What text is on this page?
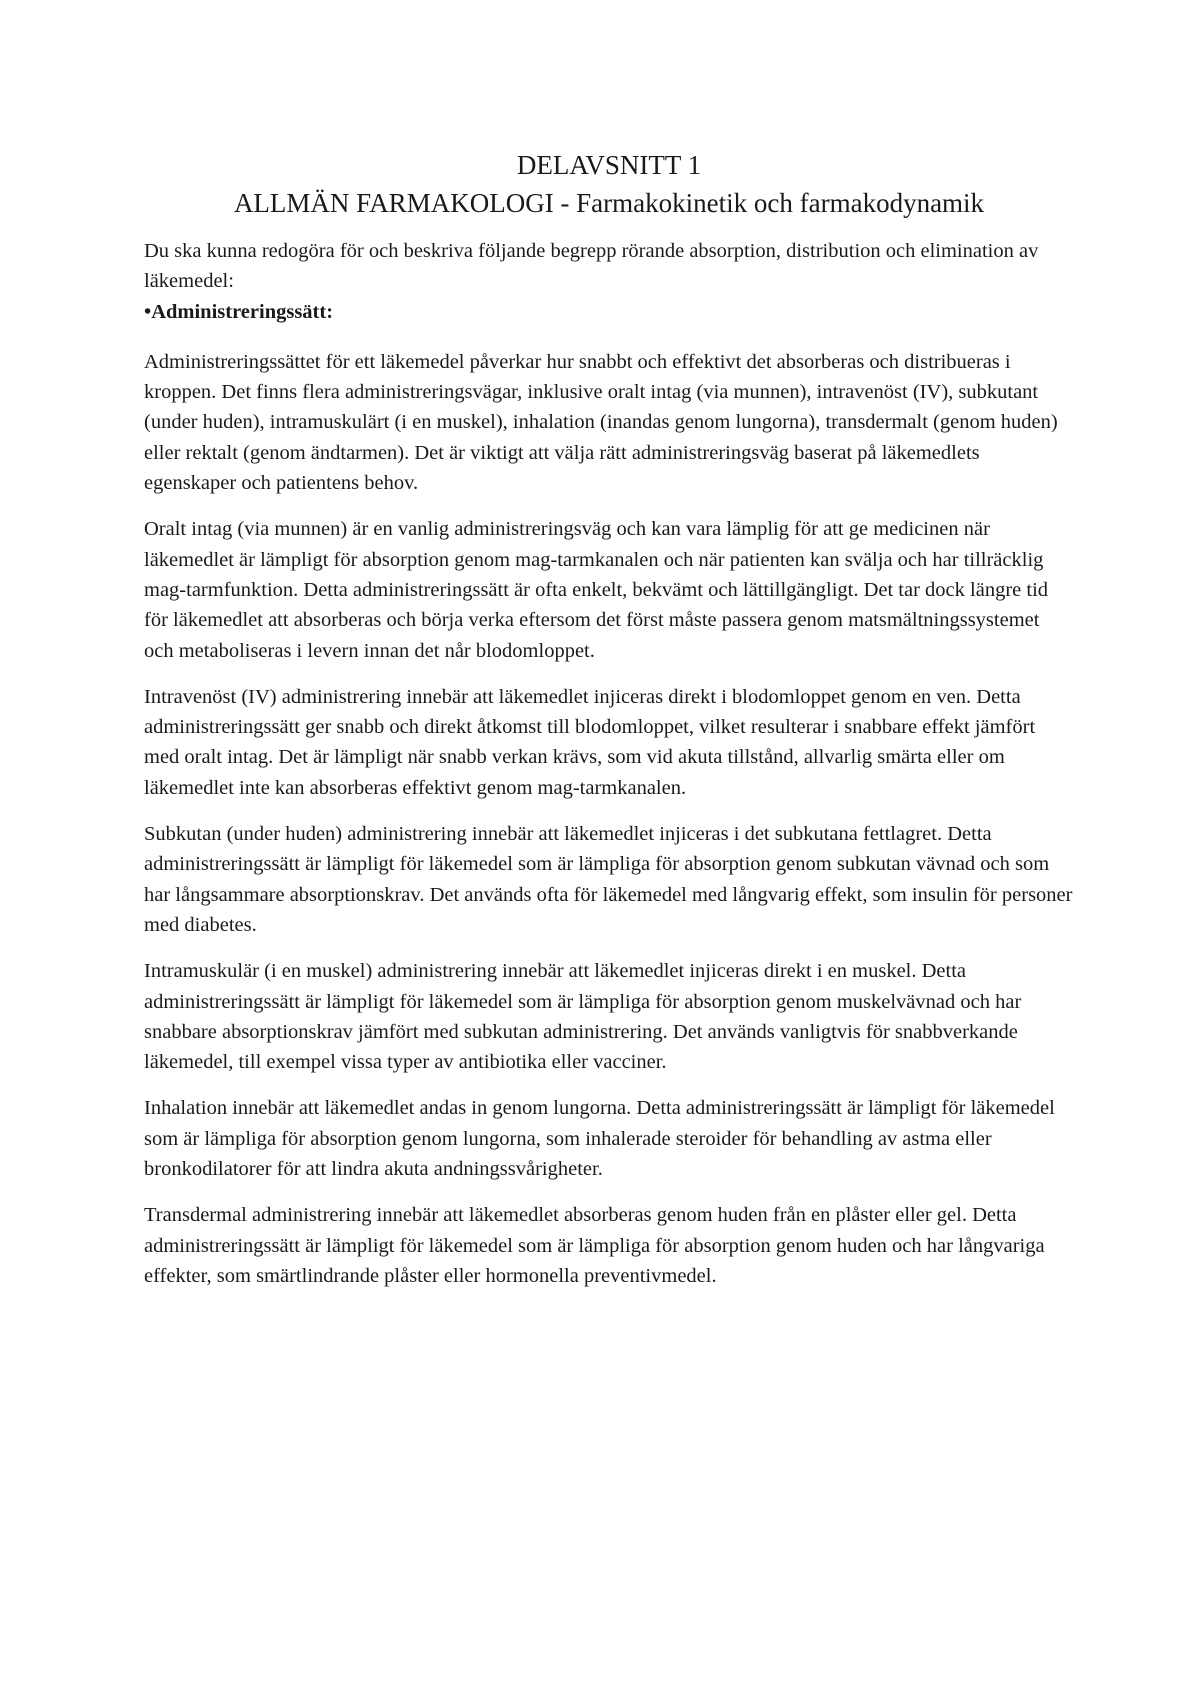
DELAVSNITT 1
ALLMÄN FARMAKOLOGI - Farmakokinetik och farmakodynamik

Du ska kunna redogöra för och beskriva följande begrepp rörande absorption, distribution och elimination av läkemedel:

•Administreringssätt:

Administreringssättet för ett läkemedel påverkar hur snabbt och effektivt det absorberas och distribueras i kroppen. Det finns flera administreringsvägar, inklusive oralt intag (via munnen), intravenöst (IV), subkutant (under huden), intramuskulärt (i en muskel), inhalation (inandas genom lungorna), transdermalt (genom huden) eller rektalt (genom ändtarmen). Det är viktigt att välja rätt administreringsväg baserat på läkemedlets egenskaper och patientens behov.

Oralt intag (via munnen) är en vanlig administreringsväg och kan vara lämplig för att ge medicinen när läkemedlet är lämpligt för absorption genom mag-tarmkanalen och när patienten kan svälja och har tillräcklig mag-tarmfunktion. Detta administreringssätt är ofta enkelt, bekvämt och lättillgängligt. Det tar dock längre tid för läkemedlet att absorberas och börja verka eftersom det först måste passera genom matsmältningssystemet och metaboliseras i levern innan det når blodomloppet.

Intravenöst (IV) administrering innebär att läkemedlet injiceras direkt i blodomloppet genom en ven. Detta administreringssätt ger snabb och direkt åtkomst till blodomloppet, vilket resulterar i snabbare effekt jämfört med oralt intag. Det är lämpligt när snabb verkan krävs, som vid akuta tillstånd, allvarlig smärta eller om läkemedlet inte kan absorberas effektivt genom mag-tarmkanalen.

Subkutan (under huden) administrering innebär att läkemedlet injiceras i det subkutana fettlagret. Detta administreringssätt är lämpligt för läkemedel som är lämpliga för absorption genom subkutan vävnad och som har långsammare absorptionskrav. Det används ofta för läkemedel med långvarig effekt, som insulin för personer med diabetes.

Intramuskulär (i en muskel) administrering innebär att läkemedlet injiceras direkt i en muskel. Detta administreringssätt är lämpligt för läkemedel som är lämpliga för absorption genom muskelvävnad och har snabbare absorptionskrav jämfört med subkutan administrering. Det används vanligtvis för snabbverkande läkemedel, till exempel vissa typer av antibiotika eller vacciner.

Inhalation innebär att läkemedlet andas in genom lungorna. Detta administreringssätt är lämpligt för läkemedel som är lämpliga för absorption genom lungorna, som inhalerade steroider för behandling av astma eller bronkodilatorer för att lindra akuta andningssvårigheter.

Transdermal administrering innebär att läkemedlet absorberas genom huden från en plåster eller gel. Detta administreringssätt är lämpligt för läkemedel som är lämpliga för absorption genom huden och har långvariga effekter, som smärtlindrande plåster eller hormonella preventivmedel.
